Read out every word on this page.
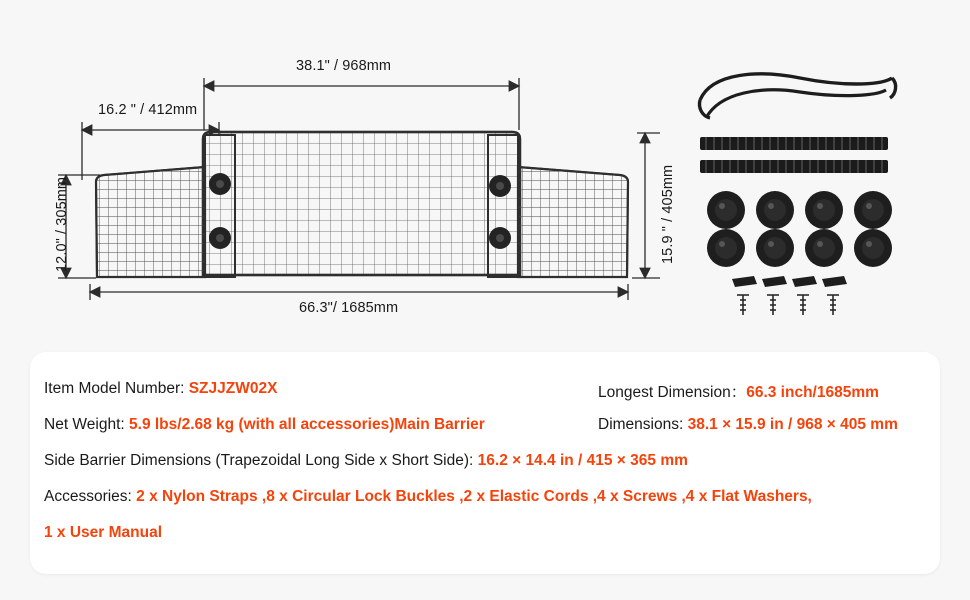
38.1" / 968mm
16.2 " / 412mm
12.0" / 305mm	15.9 " / 405mm
66.3"/ 1685mm
Item Model Number: SZJJZW02X	Longest Dimension：66.3 inch/1685mm
Net Weight: 5.9 lbs/2.68 kg (with all accessories)Main Barrier	Dimensions: 38.1 × 15.9 in / 968 × 405 mm
Side Barrier Dimensions (Trapezoidal Long Side x Short Side): 16.2 × 14.4 in / 415 × 365 mm
Accessories: 2 x Nylon Straps ,8 x Circular Lock Buckles ,2 x Elastic Cords ,4 x Screws ,4 x Flat Washers,
1 x User Manual
